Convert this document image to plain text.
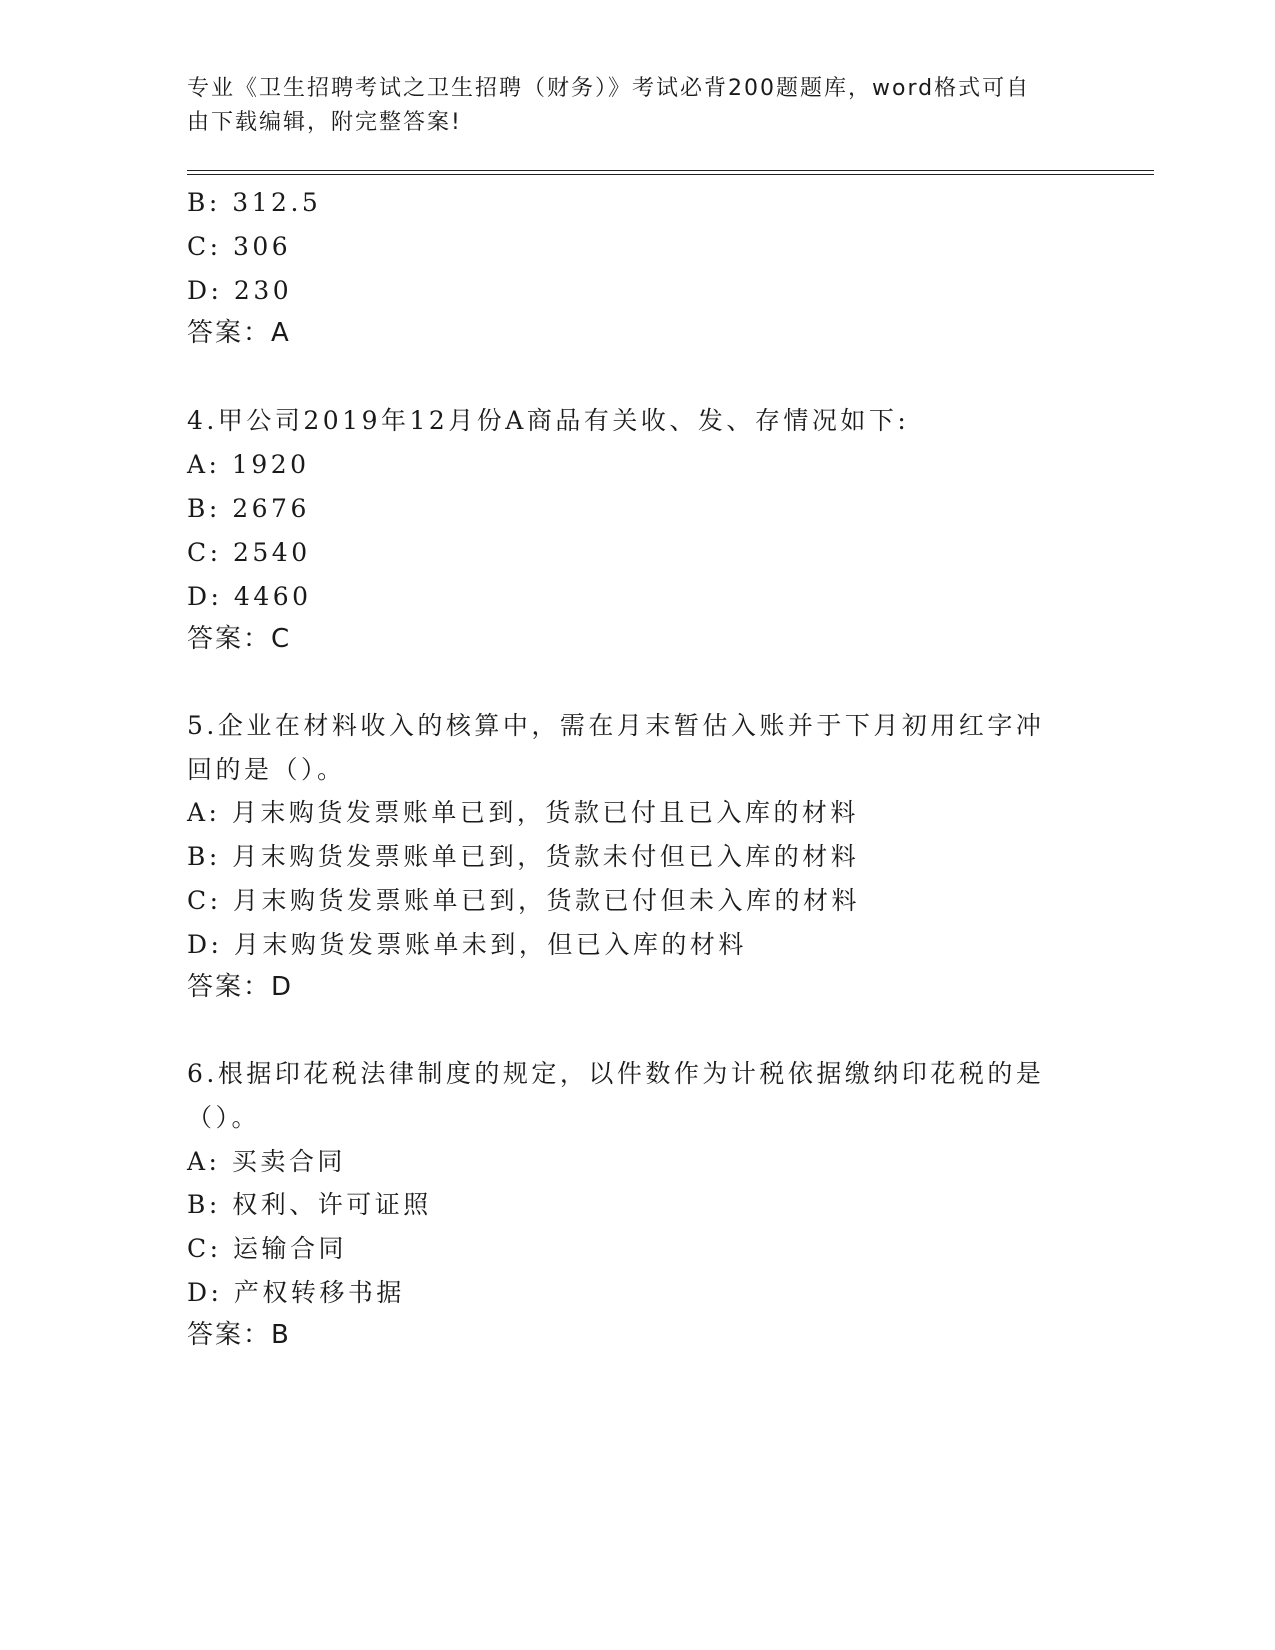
专业《卫生招聘考试之卫生招聘（财务）》考试必背200题题库，word格式可自
由下载编辑，附完整答案!
B: 312.5
C: 306
D: 230
答案：A
4.甲公司2019年12月份A商品有关收、发、存情况如下:
A: 1920
B: 2676
C: 2540
D: 4460
答案：C
5.企业在材料收入的核算中，需在月末暂估入账并于下月初用红字冲
回的是（）。
A: 月末购货发票账单已到，货款已付且已入库的材料
B: 月末购货发票账单已到，货款未付但已入库的材料
C: 月末购货发票账单已到，货款已付但未入库的材料
D: 月末购货发票账单未到，但已入库的材料
答案：D
6.根据印花税法律制度的规定，以件数作为计税依据缴纳印花税的是
（）。
A: 买卖合同
B: 权利、许可证照
C: 运输合同
D: 产权转移书据
答案：B
